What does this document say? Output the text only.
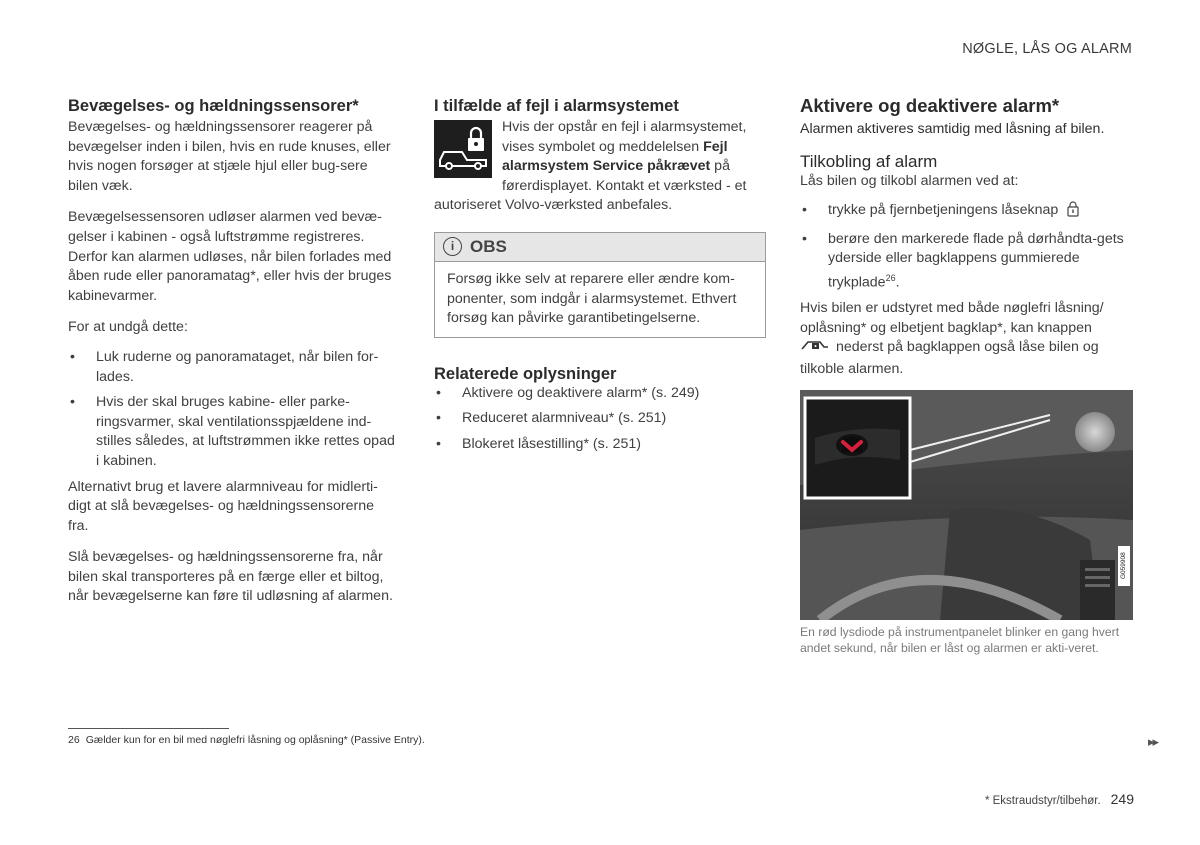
NØGLE, LÅS OG ALARM
Bevægelses- og hældningssensorer*

Bevægelses- og hældningssensorer reagerer på bevægelser inden i bilen, hvis en rude knuses, eller hvis nogen forsøger at stjæle hjul eller bug-sere bilen væk.

Bevægelsessensoren udløser alarmen ved bevæ-gelser i kabinen - også luftstrømme registreres. Derfor kan alarmen udløses, når bilen forlades med åben rude eller panoramatag*, eller hvis der bruges kabinevarmer.

For at undgå dette:

• Luk ruderne og panoramataget, når bilen for-lades.
• Hvis der skal bruges kabine- eller parke-ringsvarmer, skal ventilationsspjældene ind-stilles således, at luftstrømmen ikke rettes opad i kabinen.

Alternativt brug et lavere alarmniveau for midlerti-digt at slå bevægelses- og hældningssensorerne fra.

Slå bevægelses- og hældningssensorerne fra, når bilen skal transporteres på en færge eller et biltog, når bevægelserne kan føre til udløsning af alarmen.

I tilfælde af fejl i alarmsystemet

Hvis der opstår en fejl i alarmsystemet, vises symbolet og meddelelsen Fejl alarmsystem Service påkrævet på førerdisplayet. Kontakt et værksted - et autoriseret Volvo-værksted anbefales.

i OBS
Forsøg ikke selv at reparere eller ændre kom-ponenter, som indgår i alarmsystemet. Ethvert forsøg kan påvirke garantibetingelserne.
Relaterede oplysninger
• Aktivere og deaktivere alarm* (s. 249)
• Reduceret alarmniveau* (s. 251)
• Blokeret låsestilling* (s. 251)
Aktivere og deaktivere alarm*

Alarmen aktiveres samtidig med låsning af bilen.

Tilkobling af alarm

Lås bilen og tilkobl alarmen ved at:

• trykke på fjernbetjeningens låseknap
• berøre den markerede flade på dørhåndta-gets yderside eller bagklappens gummierede trykplade$^{26}$.

Hvis bilen er udstyret med både nøglefri låsning/ oplåsning* og elbetjent bagklap*, kan knappen
nederst på bagklappen også låse bilen og tilkoble alarmen.

G059908

En rød lysdiode på instrumentpanelet blinker en gang hvert andet sekund, når bilen er låst og alarmen er akti-veret.

26 Gælder kun for en bil med nøglefri låsning og oplåsning* (Passive Entry).	▸▸
* Ekstraudstyr/tilbehør. 249
